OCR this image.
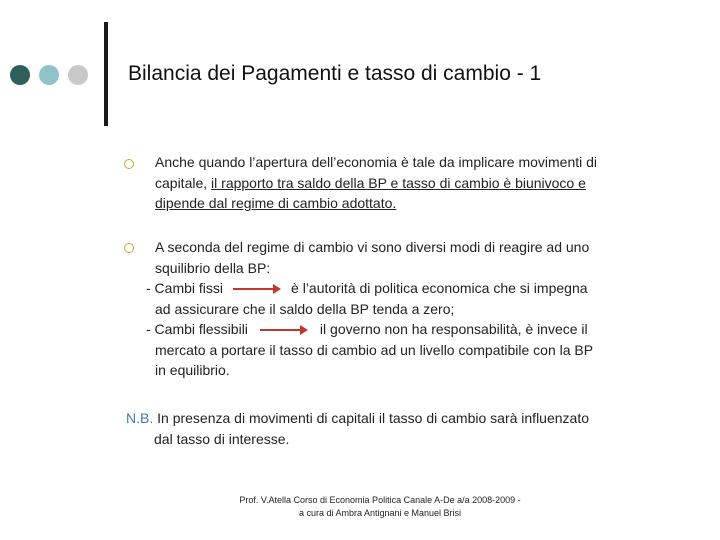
Bilancia dei Pagamenti e tasso di cambio - 1
Anche quando l’apertura dell’economia è tale da implicare movimenti di
capitale, il rapporto tra saldo della BP e tasso di cambio è biunivoco e
dipende dal regime di cambio adottato.
A seconda del regime di cambio vi sono diversi modi di reagire ad uno
squilibrio della BP:
- Cambi fissi	è l’autorità di politica economica che si impegna
ad assicurare che il saldo della BP tenda a zero;
- Cambi flessibili	il governo non ha responsabilità, è invece il
mercato a portare il tasso di cambio ad un livello compatibile con la BP
in equilibrio.
N.B. In presenza di movimenti di capitali il tasso di cambio sarà influenzato
dal tasso di interesse.
Prof. V.Atella Corso di Economia Politica Canale A-De a/a 2008-2009 -
a cura di Ambra Antignani e Manuel Brisi
